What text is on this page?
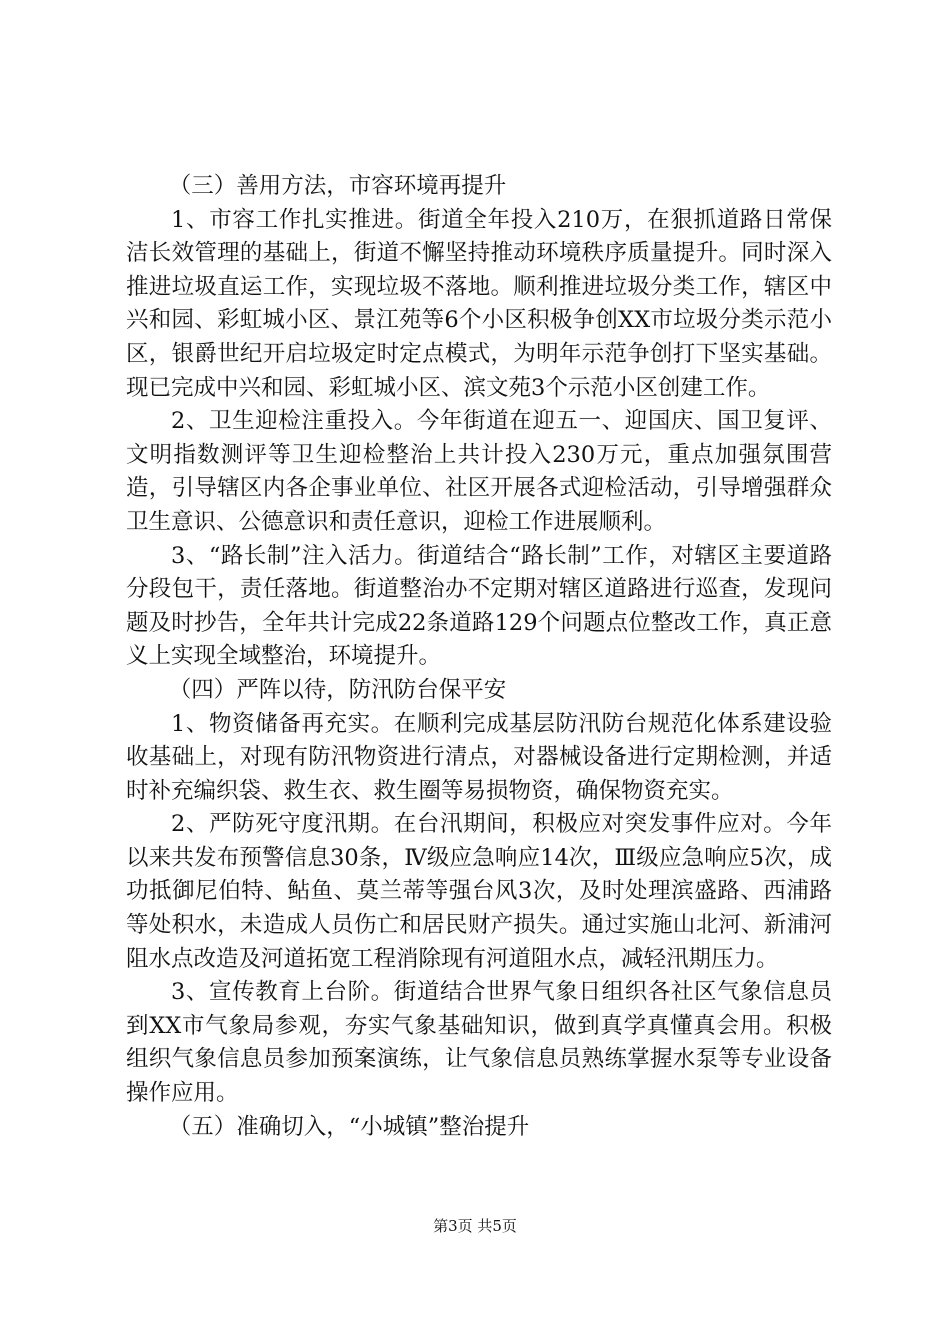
（三）善用方法，市容环境再提升

1、市容工作扎实推进。街道全年投入210万，在狠抓道路日常保洁长效管理的基础上，街道不懈坚持推动环境秩序质量提升。同时深入推进垃圾直运工作，实现垃圾不落地。顺利推进垃圾分类工作，辖区中兴和园、彩虹城小区、景江苑等6个小区积极争创XX市垃圾分类示范小区，银爵世纪开启垃圾定时定点模式，为明年示范争创打下坚实基础。现已完成中兴和园、彩虹城小区、滨文苑3个示范小区创建工作。

2、卫生迎检注重投入。今年街道在迎五一、迎国庆、国卫复评、文明指数测评等卫生迎检整治上共计投入230万元，重点加强氛围营造，引导辖区内各企事业单位、社区开展各式迎检活动，引导增强群众卫生意识、公德意识和责任意识，迎检工作进展顺利。

3、“路长制”注入活力。街道结合“路长制”工作，对辖区主要道路分段包干，责任落地。街道整治办不定期对辖区道路进行巡查，发现问题及时抄告，全年共计完成22条道路129个问题点位整改工作，真正意义上实现全域整治，环境提升。

（四）严阵以待，防汛防台保平安

1、物资储备再充实。在顺利完成基层防汛防台规范化体系建设验收基础上，对现有防汛物资进行清点，对器械设备进行定期检测，并适时补充编织袋、救生衣、救生圈等易损物资，确保物资充实。

2、严防死守度汛期。在台汛期间，积极应对突发事件应对。今年以来共发布预警信息30条，Ⅳ级应急响应14次，Ⅲ级应急响应5次，成功抵御尼伯特、鲇鱼、莫兰蒂等强台风3次，及时处理滨盛路、西浦路等处积水，未造成人员伤亡和居民财产损失。通过实施山北河、新浦河阻水点改造及河道拓宽工程消除现有河道阻水点，减轻汛期压力。

3、宣传教育上台阶。街道结合世界气象日组织各社区气象信息员到XX市气象局参观，夯实气象基础知识，做到真学真懂真会用。积极组织气象信息员参加预案演练，让气象信息员熟练掌握水泵等专业设备操作应用。

（五）准确切入，“小城镇”整治提升

第3页 共5页
